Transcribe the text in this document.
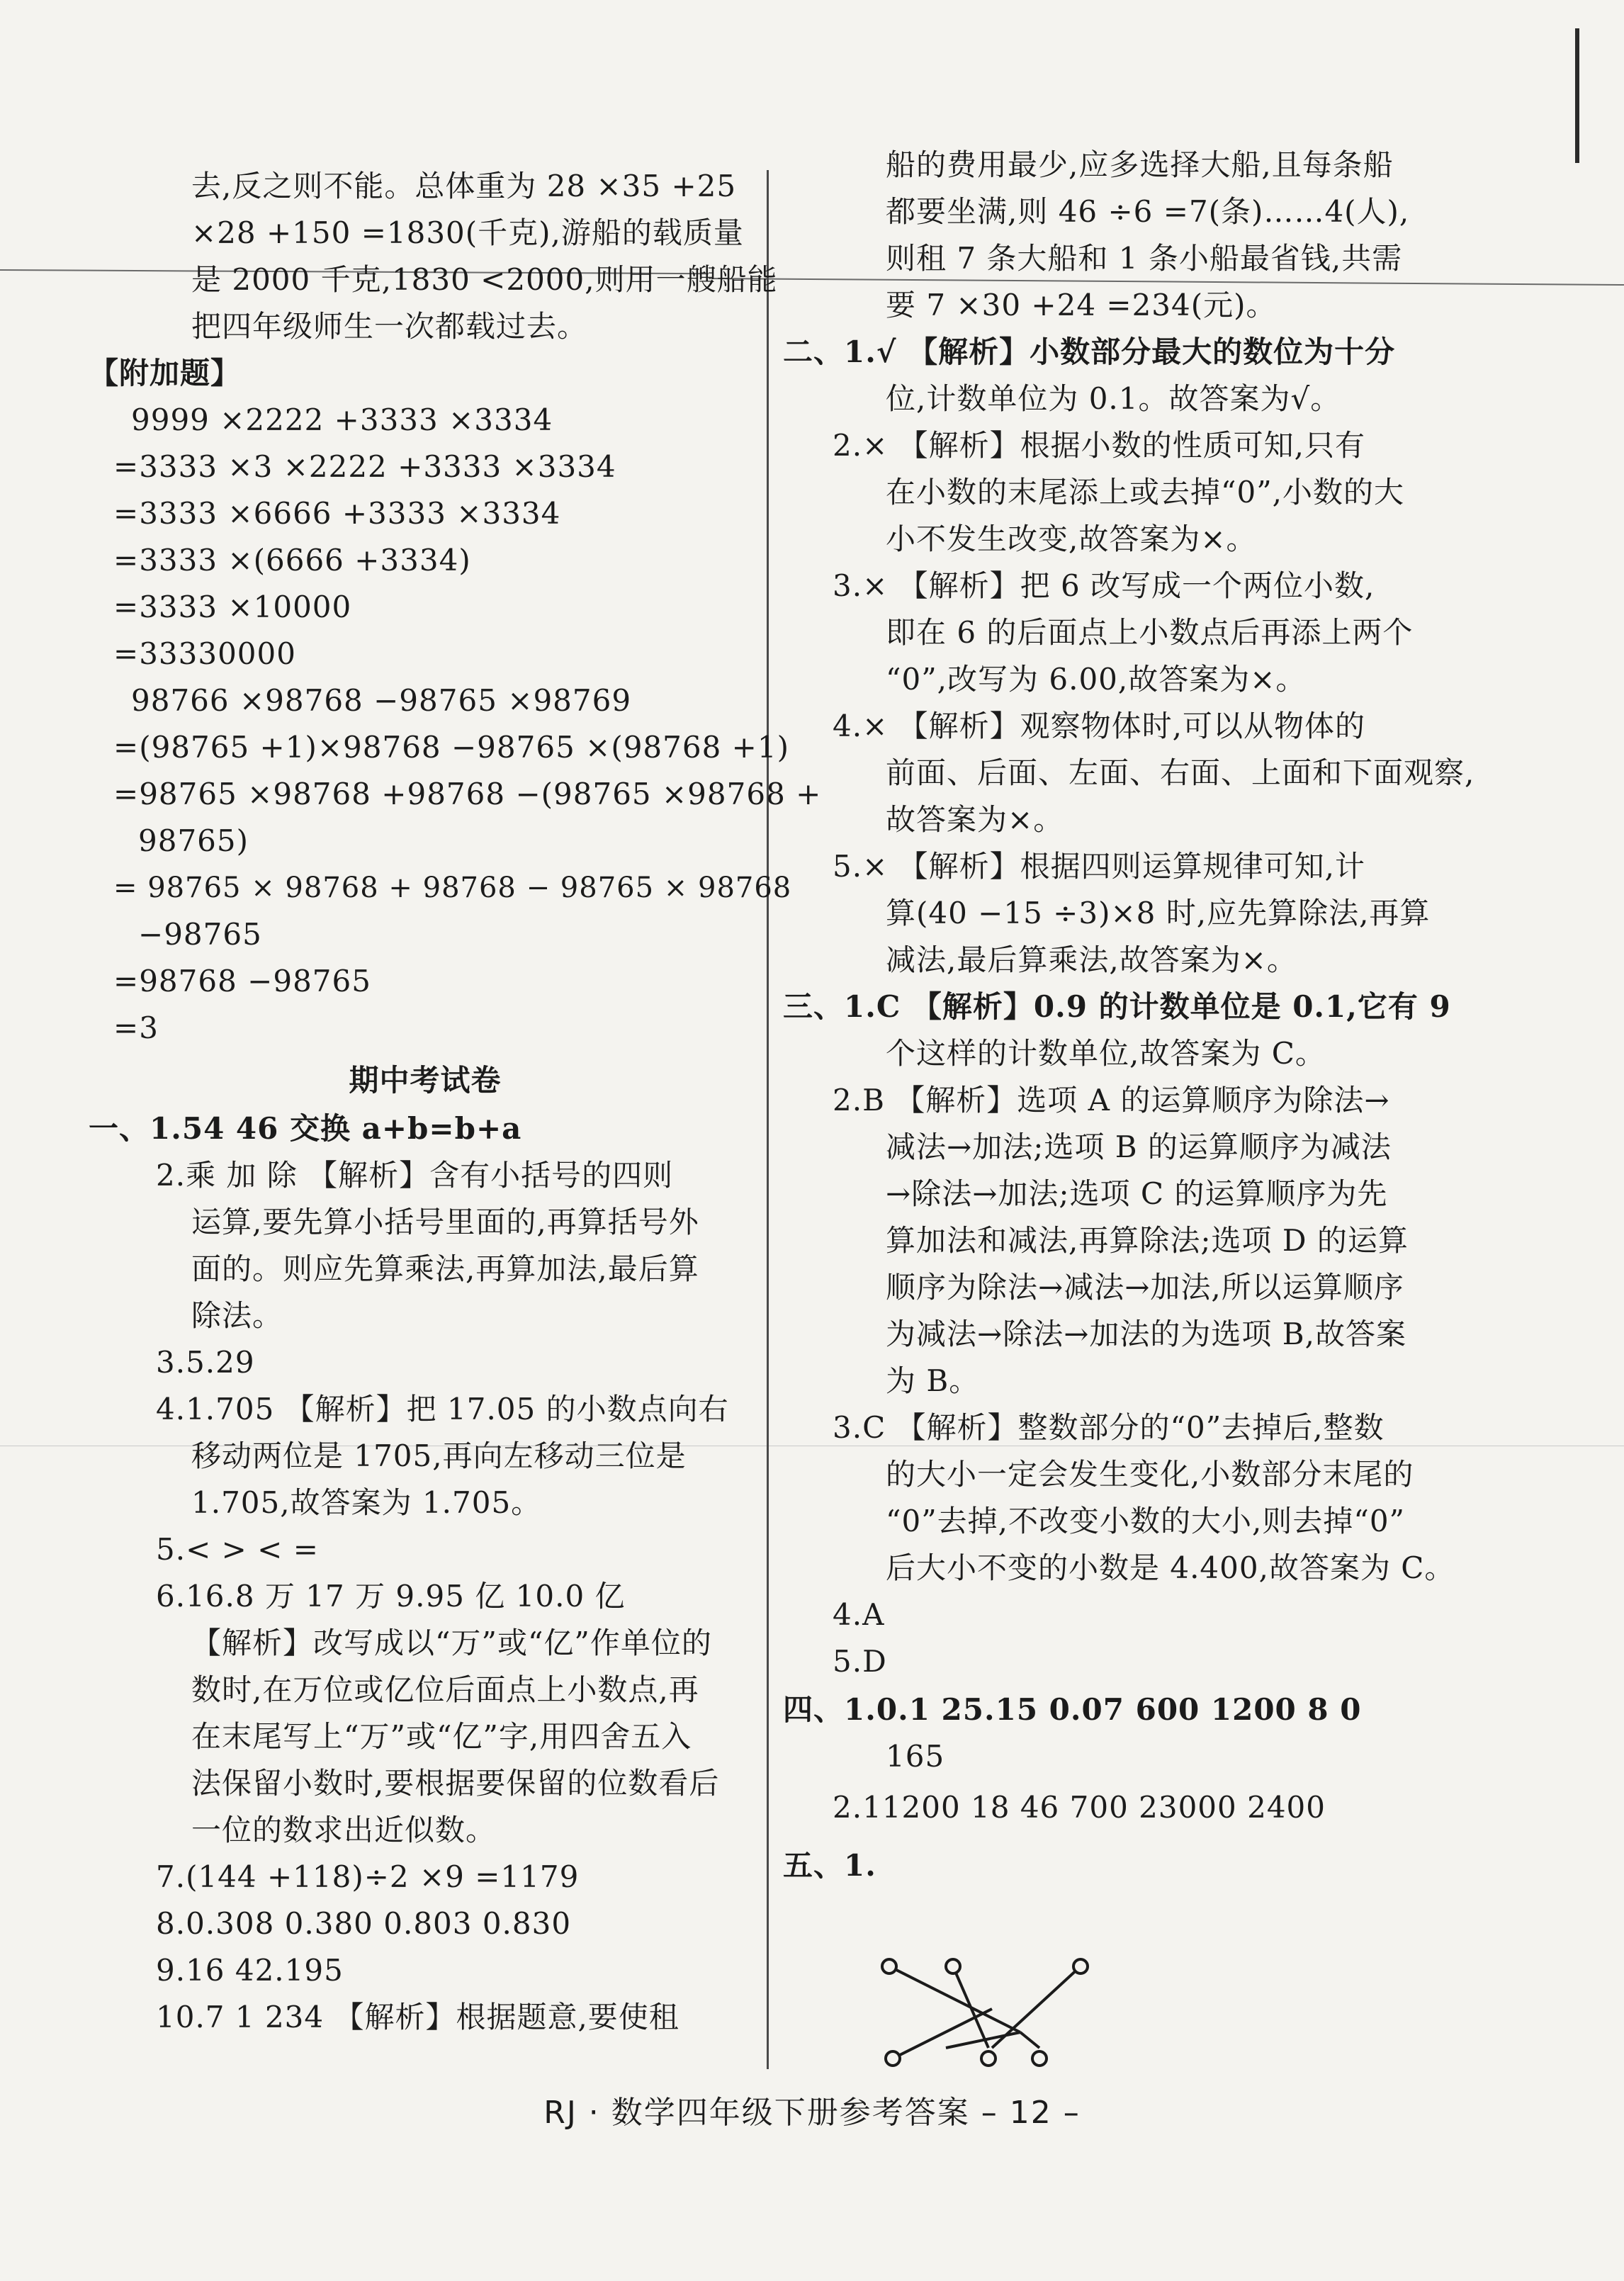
去,反之则不能。总体重为 28 ×35 +25
×28 +150 =1830(千克),游船的载质量
是 2000 千克,1830 <2000,则用一艘船能
把四年级师生一次都载过去。
【附加题】
9999 ×2222 +3333 ×3334
=3333 ×3 ×2222 +3333 ×3334
=3333 ×6666 +3333 ×3334
=3333 ×(6666 +3334)
=3333 ×10000
=33330000
98766 ×98768 −98765 ×98769
=(98765 +1)×98768 −98765 ×(98768 +1)
=98765 ×98768 +98768 −(98765 ×98768 +
98765)
= 98765 × 98768 + 98768 − 98765 × 98768
−98765
=98768 −98765
=3
期中考试卷
一、1.54 46 交换 a+b=b+a
2.乘 加 除 【解析】含有小括号的四则
运算,要先算小括号里面的,再算括号外
面的。则应先算乘法,再算加法,最后算
除法。
3.5.29
4.1.705 【解析】把 17.05 的小数点向右
移动两位是 1705,再向左移动三位是
1.705,故答案为 1.705。
5.< > < =
6.16.8 万 17 万 9.95 亿 10.0 亿
【解析】改写成以“万”或“亿”作单位的
数时,在万位或亿位后面点上小数点,再
在末尾写上“万”或“亿”字,用四舍五入
法保留小数时,要根据要保留的位数看后
一位的数求出近似数。
7.(144 +118)÷2 ×9 =1179
8.0.308 0.380 0.803 0.830
9.16 42.195
10.7 1 234 【解析】根据题意,要使租
船的费用最少,应多选择大船,且每条船
都要坐满,则 46 ÷6 =7(条)……4(人),
则租 7 条大船和 1 条小船最省钱,共需
要 7 ×30 +24 =234(元)。
二、1.√ 【解析】小数部分最大的数位为十分
位,计数单位为 0.1。故答案为√。
2.× 【解析】根据小数的性质可知,只有
在小数的末尾添上或去掉“0”,小数的大
小不发生改变,故答案为×。
3.× 【解析】把 6 改写成一个两位小数,
即在 6 的后面点上小数点后再添上两个
“0”,改写为 6.00,故答案为×。
4.× 【解析】观察物体时,可以从物体的
前面、后面、左面、右面、上面和下面观察,
故答案为×。
5.× 【解析】根据四则运算规律可知,计
算(40 −15 ÷3)×8 时,应先算除法,再算
减法,最后算乘法,故答案为×。
三、1.C 【解析】0.9 的计数单位是 0.1,它有 9
个这样的计数单位,故答案为 C。
2.B 【解析】选项 A 的运算顺序为除法→
减法→加法;选项 B 的运算顺序为减法
→除法→加法;选项 C 的运算顺序为先
算加法和减法,再算除法;选项 D 的运算
顺序为除法→减法→加法,所以运算顺序
为减法→除法→加法的为选项 B,故答案
为 B。
3.C 【解析】整数部分的“0”去掉后,整数
的大小一定会发生变化,小数部分末尾的
“0”去掉,不改变小数的大小,则去掉“0”
后大小不变的小数是 4.400,故答案为 C。
4.A
5.D
四、1.0.1 25.15 0.07 600 1200 8 0
165
2.11200 18 46 700 23000 2400
五、1.
RJ · 数学四年级下册参考答案 – 12 –
